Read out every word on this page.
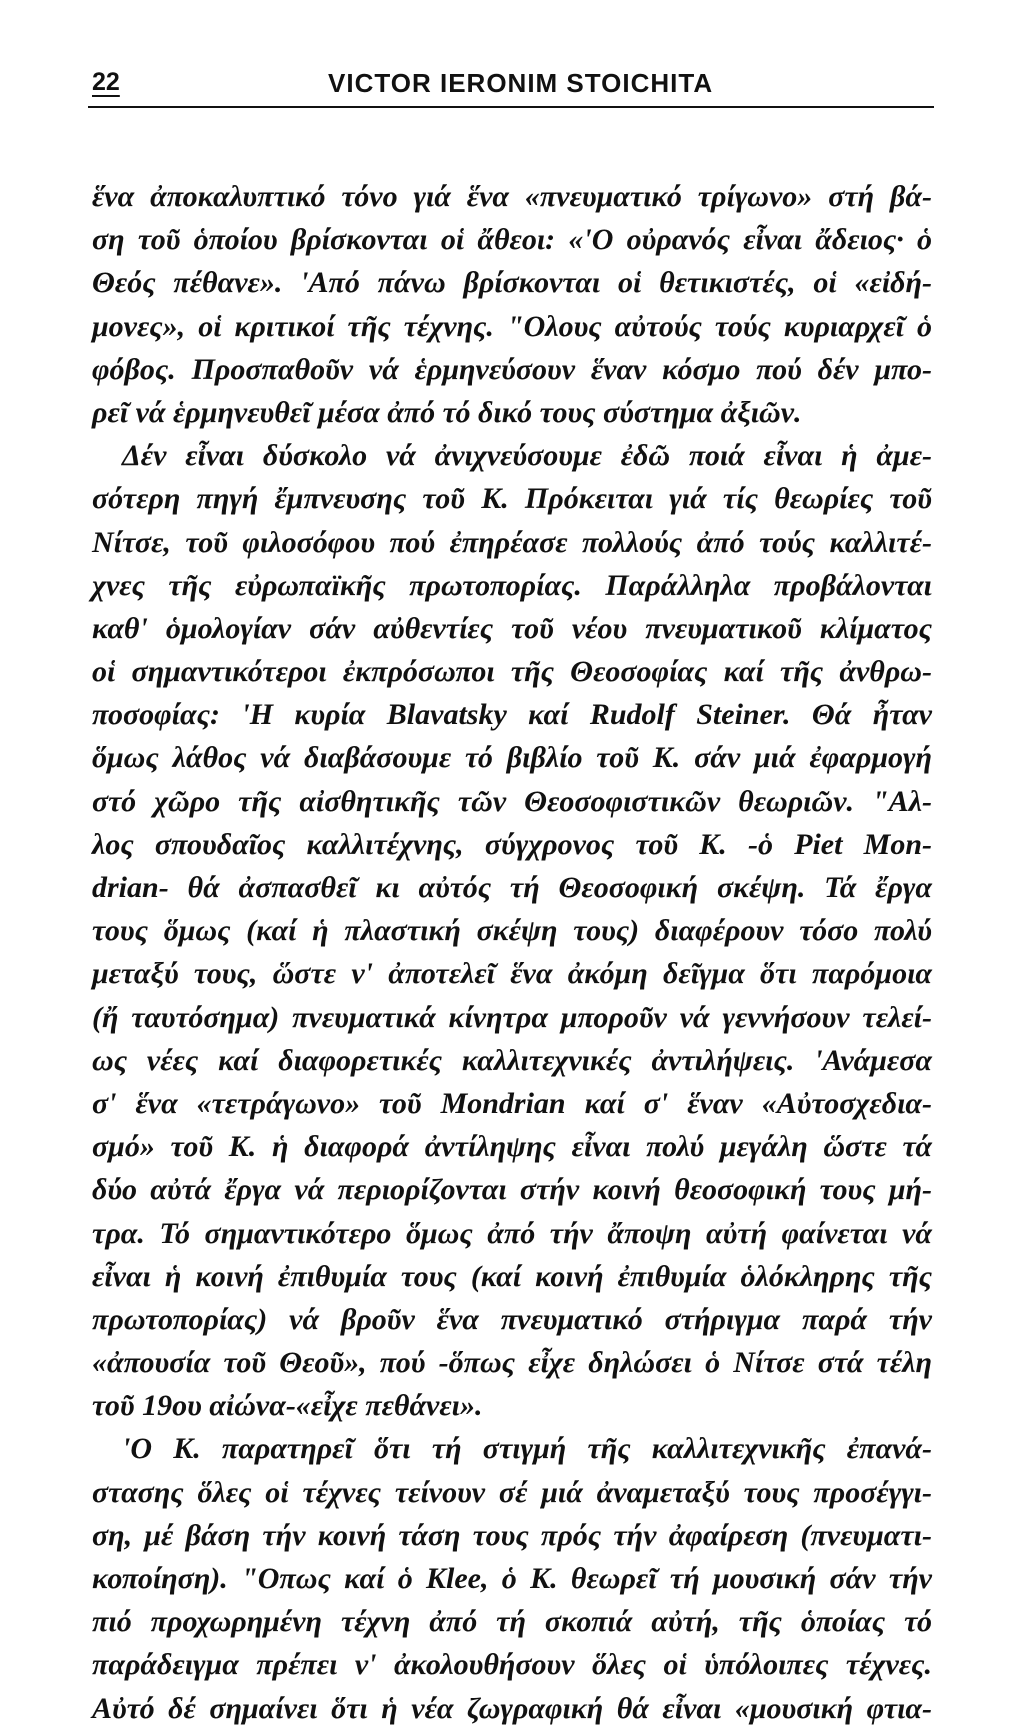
22	VICTOR IERONIM STOICHITA
ἕνα ἀποκαλυπτικό τόνο γιά ἕνα «πνευματικό τρίγωνο» στή βά-
ση τοῦ ὁποίου βρίσκονται οἱ ἄθεοι: «'Ο οὐρανός εἶναι ἄδειος· ὁ
Θεός πέθανε». 'Από πάνω βρίσκονται οἱ θετικιστές, οἱ «εἰδή-
μονες», οἱ κριτικοί τῆς τέχνης. "Ολους αὐτούς τούς κυριαρχεῖ ὁ
φόβος. Προσπαθοῦν νά ἑρμηνεύσουν ἕναν κόσμο πού δέν μπο-
ρεῖ νά ἑρμηνευθεῖ μέσα ἀπό τό δικό τους σύστημα ἀξιῶν.
Δέν εἶναι δύσκολο νά ἀνιχνεύσουμε ἐδῶ ποιά εἶναι ἡ ἀμε-
σότερη πηγή ἔμπνευσης τοῦ Κ. Πρόκειται γιά τίς θεωρίες τοῦ
Νίτσε, τοῦ φιλοσόφου πού ἐπηρέασε πολλούς ἀπό τούς καλλιτέ-
χνες τῆς εὐρωπαϊκῆς πρωτοπορίας. Παράλληλα προβάλονται
καθ' ὁμολογίαν σάν αὐθεντίες τοῦ νέου πνευματικοῦ κλίματος
οἱ σημαντικότεροι ἐκπρόσωποι τῆς Θεοσοφίας καί τῆς ἀνθρω-
ποσοφίας: 'Η κυρία Blavatsky καί Rudolf Steiner. Θά ἦταν
ὅμως λάθος νά διαβάσουμε τό βιβλίο τοῦ Κ. σάν μιά ἐφαρμογή
στό χῶρο τῆς αἰσθητικῆς τῶν Θεοσοφιστικῶν θεωριῶν. "Αλ-
λος σπουδαῖος καλλιτέχνης, σύγχρονος τοῦ Κ. -ὁ Piet Mon-
drian- θά ἀσπασθεῖ κι αὐτός τή Θεοσοφική σκέψη. Τά ἔργα
τους ὅμως (καί ἡ πλαστική σκέψη τους) διαφέρουν τόσο πολύ
μεταξύ τους, ὥστε ν' ἀποτελεῖ ἕνα ἀκόμη δεῖγμα ὅτι παρόμοια
(ἤ ταυτόσημα) πνευματικά κίνητρα μποροῦν νά γεννήσουν τελεί-
ως νέες καί διαφορετικές καλλιτεχνικές ἀντιλήψεις. 'Ανάμεσα
σ' ἕνα «τετράγωνο» τοῦ Mondrian καί σ' ἕναν «Αὐτοσχεδια-
σμό» τοῦ Κ. ἡ διαφορά ἀντίληψης εἶναι πολύ μεγάλη ὥστε τά
δύο αὐτά ἔργα νά περιορίζονται στήν κοινή θεοσοφική τους μή-
τρα. Τό σημαντικότερο ὅμως ἀπό τήν ἄποψη αὐτή φαίνεται νά
εἶναι ἡ κοινή ἐπιθυμία τους (καί κοινή ἐπιθυμία ὁλόκληρης τῆς
πρωτοπορίας) νά βροῦν ἕνα πνευματικό στήριγμα παρά τήν
«ἀπουσία τοῦ Θεοῦ», πού -ὅπως εἶχε δηλώσει ὁ Νίτσε στά τέλη
τοῦ 19ου αἰώνα-«εἶχε πεθάνει».
'Ο Κ. παρατηρεῖ ὅτι τή στιγμή τῆς καλλιτεχνικῆς ἐπανά-
στασης ὅλες οἱ τέχνες τείνουν σέ μιά ἀναμεταξύ τους προσέγγι-
ση, μέ βάση τήν κοινή τάση τους πρός τήν ἀφαίρεση (πνευματι-
κοποίηση). "Οπως καί ὁ Klee, ὁ Κ. θεωρεῖ τή μουσική σάν τήν
πιό προχωρημένη τέχνη ἀπό τή σκοπιά αὐτή, τῆς ὁποίας τό
παράδειγμα πρέπει ν' ἀκολουθήσουν ὅλες οἱ ὑπόλοιπες τέχνες.
Αὐτό δέ σημαίνει ὅτι ἡ νέα ζωγραφική θά εἶναι «μουσική φτια-
